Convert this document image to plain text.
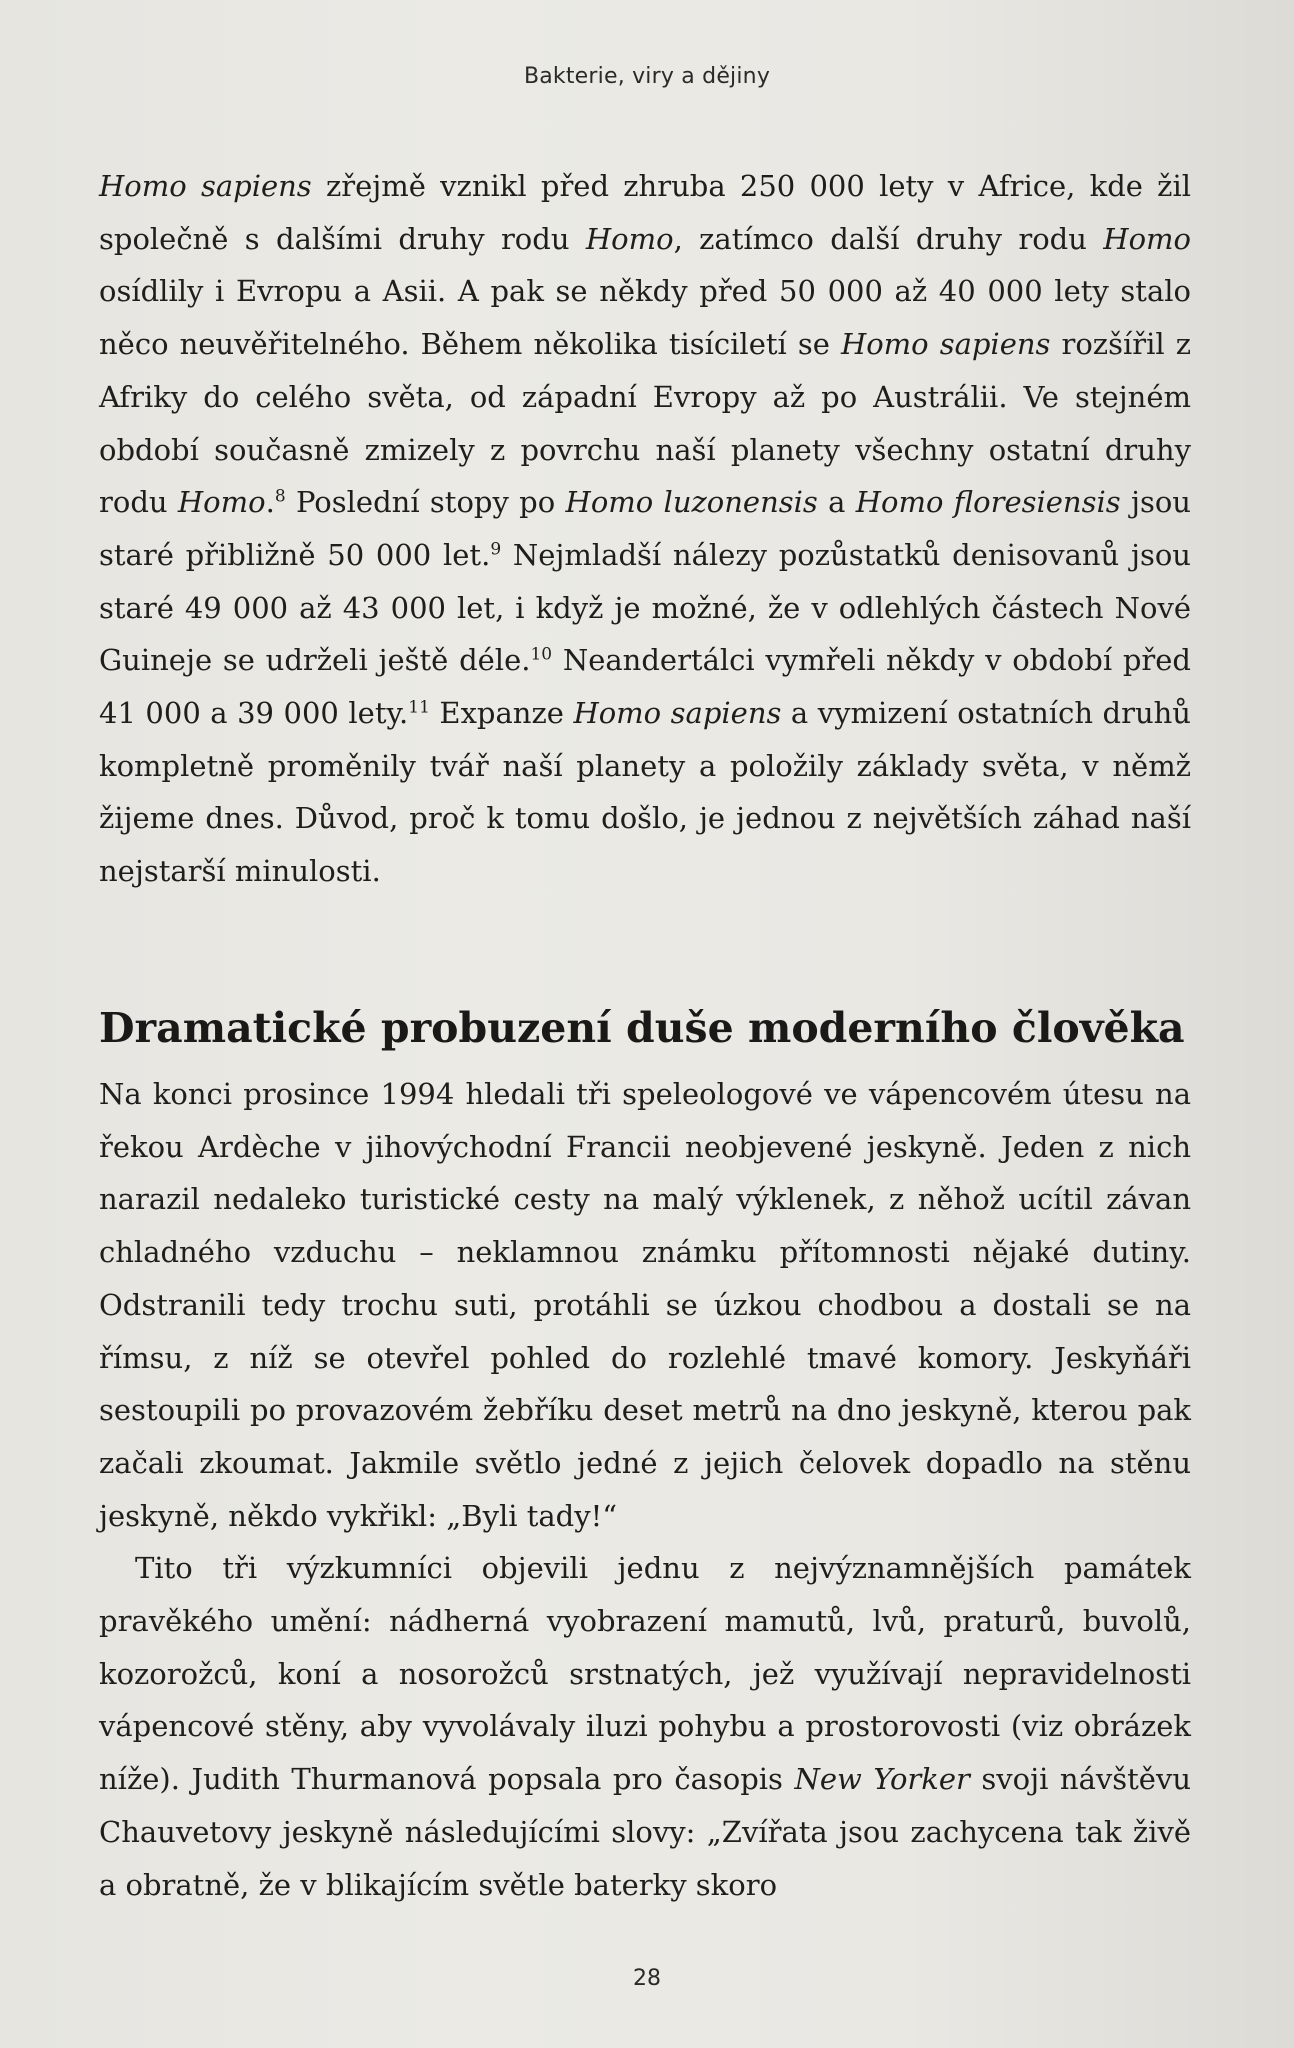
Bakterie, viry a dějiny

Homo sapiens zřejmě vznikl před zhruba 250 000 lety v Africe, kde žil společně s dalšími druhy rodu Homo, zatímco další druhy rodu Homo osídlily i Evropu a Asii. A pak se někdy před 50 000 až 40 000 lety stalo něco neuvěřitelného. Během několika tisíciletí se Homo sapiens rozšířil z Afriky do celého světa, od západní Evropy až po Austrálii. Ve stejném období současně zmizely z povrchu naší planety všechny ostatní druhy rodu Homo.$^8$ Poslední stopy po Homo luzonensis a Homo floresiensis jsou staré přibližně 50 000 let.$^9$ Nejmladší nálezy pozůstatků denisovanů jsou staré 49 000 až 43 000 let, i když je možné, že v odlehlých částech Nové Guineje se udrželi ještě déle.$^{10}$ Neandertálci vymřeli někdy v období před 41 000 a 39 000 lety.$^{11}$ Expanze Homo sapiens a vymizení ostatních druhů kompletně proměnily tvář naší planety a položily základy světa, v němž žijeme dnes. Důvod, proč k tomu došlo, je jednou z největších záhad naší nejstarší minulosti.

Dramatické probuzení duše moderního člověka

Na konci prosince 1994 hledali tři speleologové ve vápencovém útesu na řekou Ardèche v jihovýchodní Francii neobjevené jeskyně. Jeden z nich narazil nedaleko turistické cesty na malý výklenek, z něhož ucítil závan chladného vzduchu – neklamnou známku přítomnosti nějaké dutiny. Odstranili tedy trochu suti, protáhli se úzkou chodbou a dostali se na římsu, z níž se otevřel pohled do rozlehlé tmavé komory. Jeskyňáři sestoupili po provazovém žebříku deset metrů na dno jeskyně, kterou pak začali zkoumat. Jakmile světlo jedné z jejich čelovek dopadlo na stěnu jeskyně, někdo vykřikl: „Byli tady!“

Tito tři výzkumníci objevili jednu z nejvýznamnějších památek pravěkého umění: nádherná vyobrazení mamutů, lvů, praturů, buvolů, kozorožců, koní a nosorožců srstnatých, jež využívají nepravidelnosti vápencové stěny, aby vyvolávaly iluzi pohybu a prostorovosti (viz obrázek níže). Judith Thurmanová popsala pro časopis New Yorker svoji návštěvu Chauvetovy jeskyně následujícími slovy: „Zvířata jsou zachycena tak živě a obratně, že v blikajícím světle baterky skoro

28
